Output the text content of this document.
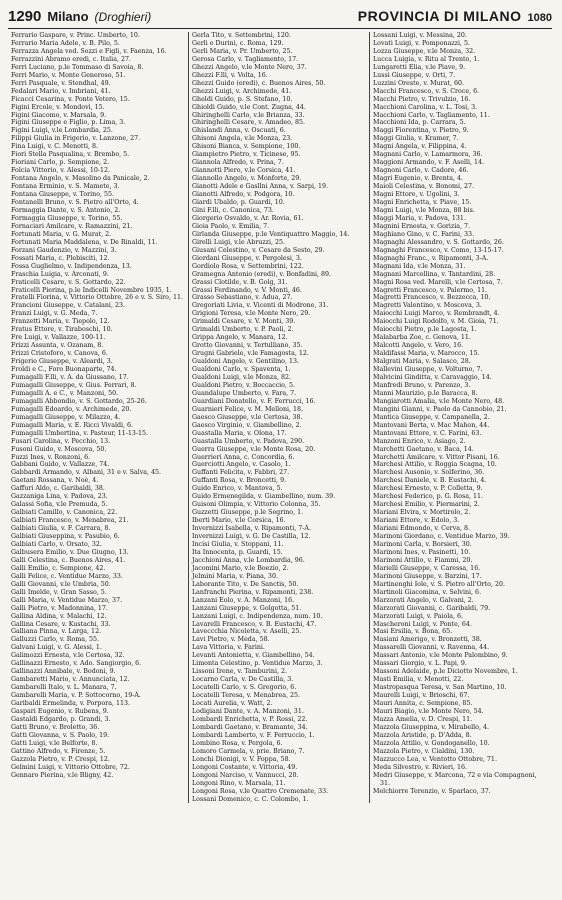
1290 Milano (Droghieri)	PROVINCIA DI MILANO 1080
Ferrario Gaspare, v. Princ. Umberto, 10.
Ferrario Maria Adele, v. B. Pilo, 5.
Ferrazza Angela ved. Sozzi e Figli, v. Faenza, 16.
Ferrazzini Abramo eredi, c. Italia, 27.
Ferri Luciano, p.le Tommaso di Savoia, 8.
Ferri Mario, v. Monte Generoso, 51.
Ferri Pasquale, v. Stendhal, 49.
Fedalari Mario, v. Imbriani, 41.
Ficacci Cesarina, v. Ponte Vetero, 15.
Figini Ercole, v. Mondovì, 15.
Figini Giacomo, v. Marsala, 9.
Figini Giuseppe e Figlio, p. Lima, 3.
Figini Luigi, v.le Lombardia, 25.
Filippi Giulia in Frigerio, v. Lanzone, 27.
Fina Luigi, v. C. Menotti, 8.
Fiori Stella Pasqualina, v. Brembo, 5.
Fioriani Carlo, p. Sempione, 2.
Folcia Vittorio, v. Alessi, 10-12.
Fontana Angelo, v. Masolino da Panicale, 2.
Fontana Erminio, v. S. Mamete, 3.
Fontana Giuseppe, v. Torino, 55.
Fontanelli Bruno, v. S. Pietro all'Orto, 4.
Formaggia Dante, v. S. Antonio, 2.
Formaggia Giuseppe, v. Torino, 55.
Fornaciari Amilcare, v. Ramazzini, 21.
Fortunati Maria, v. G. Murat, 2.
Fortunati Maria Maddalena, v. De Rinaldi, 11.
Forzani Gaudenzio, v. Mazzini, 3.
Fossati Maria, c. Plebisciti, 12.
Fossa Guglielmo, v. Indipendenza, 13.
Fraschia Luigia, v. Arconati, 9.
Fraticelli Cesare, v. S. Gottardo, 22.
Fraticelli Pierina, p.le Indicelli Novembre 1935, 1.
Fratelli Fiorina, v. Vittorio Ottobre, 26 e v. S. Siro, 11.
Francioni Giuseppe, v. Catalani, 23.
Franzi Luigi, v. G. Meda, 7.
Franzetti Maria, v. Tiepolo, 12.
Fratus Ettore, v. Tiraboschi, 10.
Fre Luigi, v. Vallazze, 100-11.
Frizzi Assunta, v. Ozanam, 8.
Frizzi Cristoforo, v. Canova, 6.
Frigerio Giuseppe, v. Aleardi, 3.
Froldi e C., Foro Buonaparte, 74.
Fumagalli F.lli, v. A. da Giussano, 17.
Fumagalli Giuseppe, v. Gius. Ferrari, 8.
Fumagalli A. e C., v. Manzoni, 50.
Fumagalli Abbondio, v. S. Gottardo, 25-26.
Fumagalli Edoardo, v. Archimede, 20.
Fumagalli Giuseppe, v. Milazzo, 4.
Fumagalli Maria, v. E. Ricci Vivaldi, 6.
Fumagalli Umbertina, v. Pasteur, 11-13-15.
Fusari Carolina, v. Pecchio, 13.
Fusoni Guido, v. Moscova, 50.
Fuzzi Ines, v. Ronzoni, 6.
Gabbani Guido, v. Vallazze, 74.
Gabbardi Armando, v. Albani, 31 e v. Salva, 45.
Gaetani Rossana, v. Noè, 4.
Gaffuri Aldo, c. Garibaldi, 38.
Gazzaniga Lina, v. Padova, 23.
Galassi Sofia, v.le Premuda, 5.
Galbiati Camillo, v. Canonica, 22.
Galbiati Francesco, v. Menabrea, 21.
Galbiati Giulia, v. F. Carrara, 8.
Galbiati Giuseppina, v. Pasubio, 6.
Galbiati Carlo, v. Orsato, 32.
Galbusera Emilio, v. Due Giugno, 13.
Galli Celestina, c. Buenos Aires, 41.
Galli Emilio, c. Sempione, 42.
Galli Felice, c. Ventidue Marzo, 33.
Galli Giovanni, v.le Umbria, 50.
Galli Imelde, v. Gran Sasso, 5.
Galli Maria, v. Ventidue Marzo, 37.
Galli Pietro, v. Madonnina, 17.
Gallina Aldina, v. Malachi, 12.
Gallina Cesare, v. Kustachi, 33.
Galliana Pinna, v. Larga, 12.
Galluzzi Carlo, v. Roma, 55.
Galvani Luigi, v. G. Alessi, 1.
Galimozzi Ernesta, v.le Certosa, 32.
Gallinazzi Ernesto, v. Ado. Sangiorgio, 6.
Gallinazzi Annibale, v. Bodoni, 9.
Gambaretti Mario, v. Annunciata, 12.
Gambarelli Italo, v. L. Manara, 7.
Gambarelli Maria, v. P. Sottocorno, 19-A.
Garibaldi Ermelinda, v. Porpora, 113.
Gaspari Eugenio, v. Rubens, 9.
Gastaldi Edgardo, p. Grandi, 3.
Gatti Bruno, v. Broletto, 36.
Gatti Giovanna, v. S. Paolo, 19.
Gatti Luigi, v.le Belforte, 8.
Gattino Alfredo, v. Firenze, 5.
Gazzola Pietro, v. P. Crespi, 12.
Gelmini Luigi, v. Vittorio Ottobre, 72.
Gennaro Pierina, v.le Bligny, 42.
Gerla Tito, v. Settembrini, 120.
Gerli e Durini, c. Roma, 129.
Gerli Maria, v. Pr. Umberto, 25.
Gerosa Carlo, v. Tagliamento, 17.
Ghezzi Angelo, v.le Monte Nero, 37.
Ghezzi F.lli, v. Volta, 16.
Ghezzi Guido (eredi), c. Buenos Aires, 50.
Ghezzi Luigi, v. Archimede, 41.
Gheldi Guido, p. S. Stefano, 10.
Ghioldi Guido, v.le Cont. Zugna, 44.
Ghiringhelli Carlo, v.le Brianza, 33.
Ghiringhelli Cesare, v. Amadeo, 85.
Ghislandi Anna, v. Oscuati, 6.
Ghisoni Angela, v.le Monza, 23.
Ghisoni Bianca, v. Sempione, 100.
Giampietro Pietro, v. Ticinese, 95.
Giannola Alfredo, v. Prina, 7.
Giannotti Piero, v.le Corsica, 41.
Giannollo Angelo, v. Monforte, 29.
Gianotti Adele e Gasllni Anna, v. Sarpi, 19.
Gianotti Alfredo, v. Podgora, 10.
Giardi Ubaldo, p. Guardi, 10.
Gini F.lli, c. Canonica, 73.
Giorgerio Osvaldo, v. Ar. Rovia, 61.
Gioia Paolo, v. Emilia, 7.
Girlanda Giuseppe, p.le Ventiquattro Maggio, 14.
Girelli Luigi, v.le Abruzzi, 25.
Giusani Celestino, v. Cesare da Sesto, 29.
Giordani Giuseppe, v. Pergolesi, 3.
Gordiolo Rosa, v. Settembrini, 122.
Gramegna Antonio (eredi), v. Bonfadini, 89.
Grassi Clotilde, v. B. Golg, 31.
Grassi Ferdinando, v. V. Monti, 46.
Grasso Sebastiano, v. Adua, 27.
Gregoriati Livia, v. Vicenti di Modrone, 31.
Grigioni Teresa, v.le Monte Nero, 29.
Grimaldi Cesare, v. V. Monti, 39.
Grimaldi Umberto, v. P. Paoli, 2.
Grippa Angelo, v. Manara, 12.
Grotto Giovanni, v. Tertulliano, 35.
Grugni Gabriele, v.le Famagosta, 12.
Gualdoni Angelo, v. Gentilino, 13.
Gualdoni Carlo, v. Spaventa, 1.
Gualdoni Luigi, v.le Monza, 82.
Gualdoni Pietro, v. Boccaccio, 5.
Guandalupe Umberto, v. Fara, 7.
Guardiani Donatello, v. F. Ferrucci, 16.
Guarnieri Felice, v. M. Melloni, 18.
Gaesco Giuseppe, v.le Certosa, 38.
Gaesco Virginio, v. Giambellino, 2.
Guastalla Maria, v. Olona, 17.
Guastalla Umberto, v. Padova, 290.
Guerra Giuseppe, v.le Monte Rosa, 20.
Guerrieri Anna, c. Concordia, 6.
Guerciotti Angelo, v. Casolo, 1.
Guffanti Felicita, v. Fabbri, 27.
Guffanti Rosa, v. Broncetti, 9.
Guido Enrico, v. Mantova, 5.
Guido Ermenegilda, v. Giambellino, num. 39.
Guisoni Olimpia, v. Vittorio Colonna, 35.
Guzzetti Giuseppe, p.le Segrino, 1.
Iberti Mario, v.le Corsica, 16.
Invernizzi Isabella, v. Ripamonti, 7-A.
Invernizzi Luigi, v. G. De Castilla, 12.
Incisi Giulia, v. Stoppani, 11.
Ita Innocenta, p. Guardi, 15.
Jacchioni Anna, v.le Lombardia, 96.
Jacomini Mario, v.le Boezio, 2.
Jelmini Maria, v. Piana, 30.
Laborante Tito, v. De Sanctis, 50.
Lanfranchi Pierina, v. Ripamonti, 238.
Lanzani Eolo, v. A. Manzoni, 16.
Lanzani Giuseppe, v. Golgotta, 51.
Lanzani Luigi, c. Indipendenza, num. 10.
Lavarelli Francesco, v. B. Eustachi, 47.
Laveccchia Nicoletta, v. Aselli, 25.
Lavi Pietro, v. Meda, 58.
Lava Vittoria, v. Farini.
Levanti Antonietta, v. Giambellino, 54.
Limonta Celestino, p. Ventidue Marzo, 3.
Lissoni Irene, v. Tamburini, 2.
Locarno Carla, v. De Castilla, 3.
Locatelli Carlo, v. S. Gregorio, 6.
Locatelli Teresa, v. Menabrea, 25.
Locati Aurelia, v. Watt, 2.
Lodigiani Dante, v. A. Manzoni, 31.
Lombardi Enrichetta, v. P. Rossi, 22.
Lombardi Gaetano, v. Bramante, 34.
Lombardi Lamberto, v. F. Ferruccio, 1.
Lombino Rosa, v. Pergola, 6.
Lomoro Carmela, v. prie. Briano, 7.
Lonchi Dionigi, v. V. Foppa, 58.
Longoni Costante, v. Vittoria, 49.
Longoni Narciso, v. Vannucci, 20.
Longoni Rino, v. Marsala, 11.
Longoni Rosa, v.le Quattro Cremenate, 33.
Lossani Domenico, c. C. Colombo, 1.
Lossani Luigi, v. Messina, 20.
Lovati Luigi, v. Pomponazzi, 5.
Lozza Giuseppe, v.le Monza, 32.
Lucca Luigia, v. Ritu al Trento, 1.
Lungaretti Elia, v.le Piave, 9.
Lussi Giuseppe, v. Orti, 7.
Luzzini Oreste, v. Murat, 60.
Macchi Francesco, v. S. Croce, 6.
Macchi Pietro, v. Trivulzio, 16.
Macchioni Carolina, v. L. Tosi, 3.
Macchioni Carlo, v. Tagliamento, 11.
Macchioni Ida, p. Carrara, 5.
Maggi Fiorentina, v. Pietro, 9.
Maggi Giulia, v. Kramer, 7.
Magni Angela, v. Filippina, 4.
Magnani Carlo, v. Lamarmora, 36.
Maggioni Armando, v. F. Aselli, 14.
Magnoni Carlo, v. Cadore, 46.
Magri Eugenio, v. Brenta, 4.
Maioli Celestina, v. Bonomi, 27.
Magni Ettore, v. Ugolini, 3.
Magni Enrichetta, v. Piave, 15.
Magni Luigi, v.le Monza, 88 bis.
Maggi Maria, v. Padova, 131.
Magnini Ernesta, v. Gorizia, 7.
Maghiano Gino, v. C. Farini, 33.
Magnaghi Alessandro, v. S. Gottardo, 26.
Magnaghi Francesco, v. Como, 13-15-17.
Magnaghi Franc., v. Ripamonti, 3-A.
Magnani Ida, v.le Monza, 31.
Magnani Marcellina, v. Tantardini, 28.
Magni Rosa ved. Marelli, v.le Certosa, 7.
Magretti Francesco, v. Palermo, 11.
Magretti Francesco, v. Bezzecca, 10.
Magretti Valentino, v. Moscova, 3.
Maiocchi Luigi Marco, v. Rembrandt, 4.
Maiocchi Luigi Rodolfo, v. M. Gioia, 71.
Maiocchi Pietro, p.le Lagosta, 1.
Malabarba Zoe, c. Genova, 11.
Malcotti Angelo, v. Vero, 16.
Maldifassi Maria, v. Marocco, 15.
Malgrati Maria, v. Salasco, 28.
Mallevini Giuseppe, v. Volturno, 7.
Malvicini Ginditta, v. Caravaggio, 14.
Manfredi Bruno, v. Parenzo, 3.
Manni Maurizio, p.le Baracca, 8.
Mangiarotti Amalia, v.le Monte Nero, 48.
Mangini Gianni, v. Paolo da Cannobio, 21.
Mantica Giuseppe, v. Campanella, 2.
Mantovani Berta, v. Mac Mahon, 44.
Mantovani Ettore, v. C. Farini, 63.
Manzoni Enrico, v. Asiago, 2.
Marchetti Gaetano, v. Baca, 14.
Marchetti Amilcare, v. Vittor Pisani, 16.
Marchesi Attilio, v. Roggia Scagna, 10.
Marchesi Ausonio, v. Solferino, 36.
Marchesi Daniele, v. B. Eustachi, 4.
Marchesi Ernesto, v. P. Colletta, 9.
Marchesi Federico, p. G. Rosa, 11.
Marchesi Emilio, v. Piermarini, 2.
Mariani Elvira, v. Mortirolo, 2.
Mariani Ettore, v. Edolo, 3.
Mariani Edmondo, v. Cerva, 8.
Marinoni Giordano, c. Ventidue Marzo, 39.
Marinoni Carla, v. Borsieri, 30.
Marinoni Ines, v. Pasinetti, 10.
Marinoni Attilio, v. Fiammi, 20.
Marielli Giuseppe, v. Caressa, 16.
Marinoni Giuseppe, v. Barzini, 17.
Martinenghi Iole, v. S. Pietro all'Orto, 20.
Martinoli Giacomina, v. Selvini, 6.
Marzorati Angelo, v. Galvani, 2.
Marzorati Giovanni, c. Garibaldi, 79.
Marzorati Luigi, v. Paiola, 6.
Mascheroni Luigi, v. Ponte, 64.
Masi Ersilia, v. Bona, 65.
Masiani Amerigo, v. Bronzetti, 38.
Massarelli Giovanni, v. Ravenna, 44.
Massari Antonio, v.le Monte Palombino, 9.
Massari Giorgio, v. L. Papi, 9.
Massoni Adelaide, p.le Diciotto Novembre, 1.
Masti Emilia, v. Menotti, 22.
Mastropasqua Teresa, v. San Martino, 10.
Maurelli Luigi, v. Brioschi, 67.
Mauri Annita, c. Sempione, 85.
Mauri Biagio, v.le Monte Nero, 54.
Mazza Amelia, v. D. Crespi, 11.
Mazzola Giuseppina, v. Mirabello, 4.
Mazzola Aristide, p. D'Adda, 8.
Mazzola Attilio, v. Gondoganello, 10.
Mazzola Pietro, v. Cialdini, 130.
Mazzucco Lea, v. Ventotto Ottobre, 71.
Meda Silvestro, v. Rivieri, 16.
Medri Giuseppe, v. Marcona, 72 e via Compagnoni, 31.
Melchiorre Terenzio, v. Sparlaco, 37.
